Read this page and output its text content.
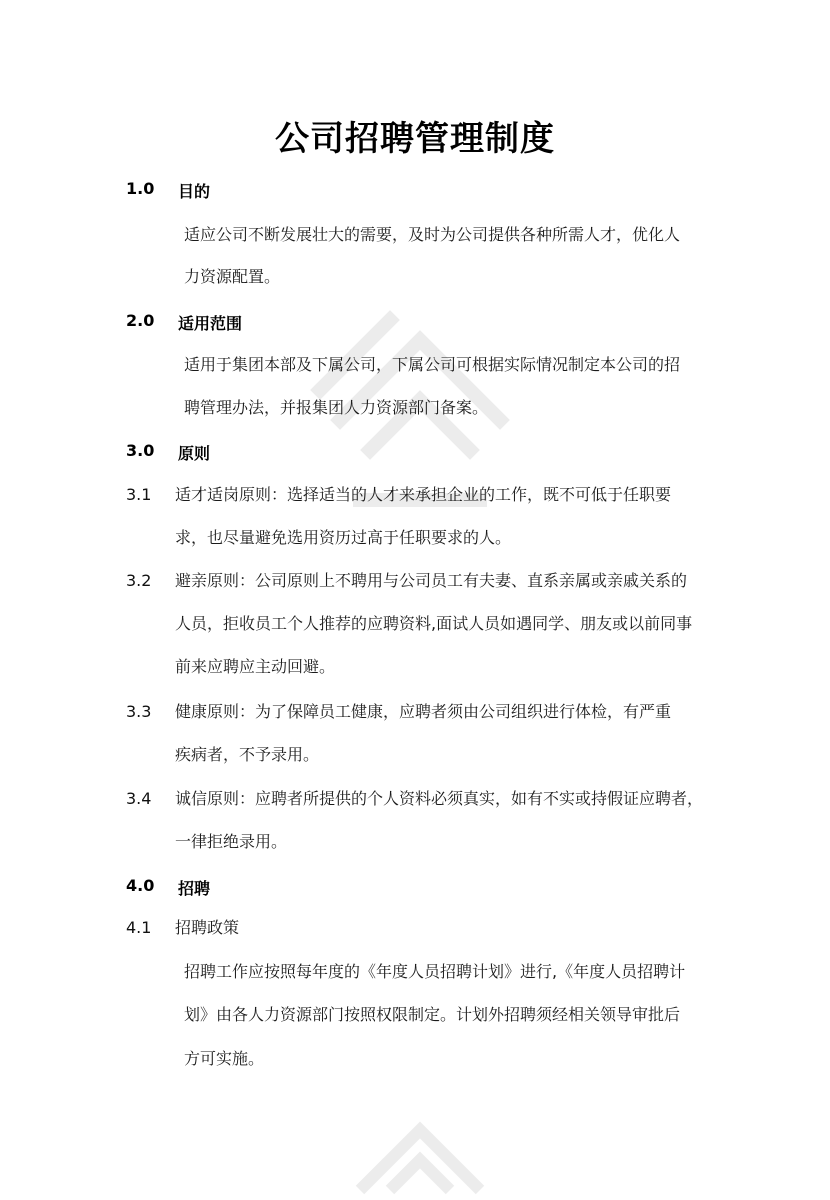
公司招聘管理制度
1.0 目的
适应公司不断发展壮大的需要，及时为公司提供各种所需人才，优化人
力资源配置。
2.0 适用范围
适用于集团本部及下属公司，下属公司可根据实际情况制定本公司的招
聘管理办法，并报集团人力资源部门备案。
3.0 原则
3.1 适才适岗原则：选择适当的人才来承担企业的工作，既不可低于任职要
求，也尽量避免选用资历过高于任职要求的人。
3.2 避亲原则：公司原则上不聘用与公司员工有夫妻、直系亲属或亲戚关系的
人员，拒收员工个人推荐的应聘资料,面试人员如遇同学、朋友或以前同事
前来应聘应主动回避。
3.3 健康原则：为了保障员工健康，应聘者须由公司组织进行体检，有严重
疾病者，不予录用。
3.4 诚信原则：应聘者所提供的个人资料必须真实，如有不实或持假证应聘者，
一律拒绝录用。
4.0 招聘
4.1 招聘政策
招聘工作应按照每年度的《年度人员招聘计划》进行,《年度人员招聘计
划》由各人力资源部门按照权限制定。计划外招聘须经相关领导审批后
方可实施。
